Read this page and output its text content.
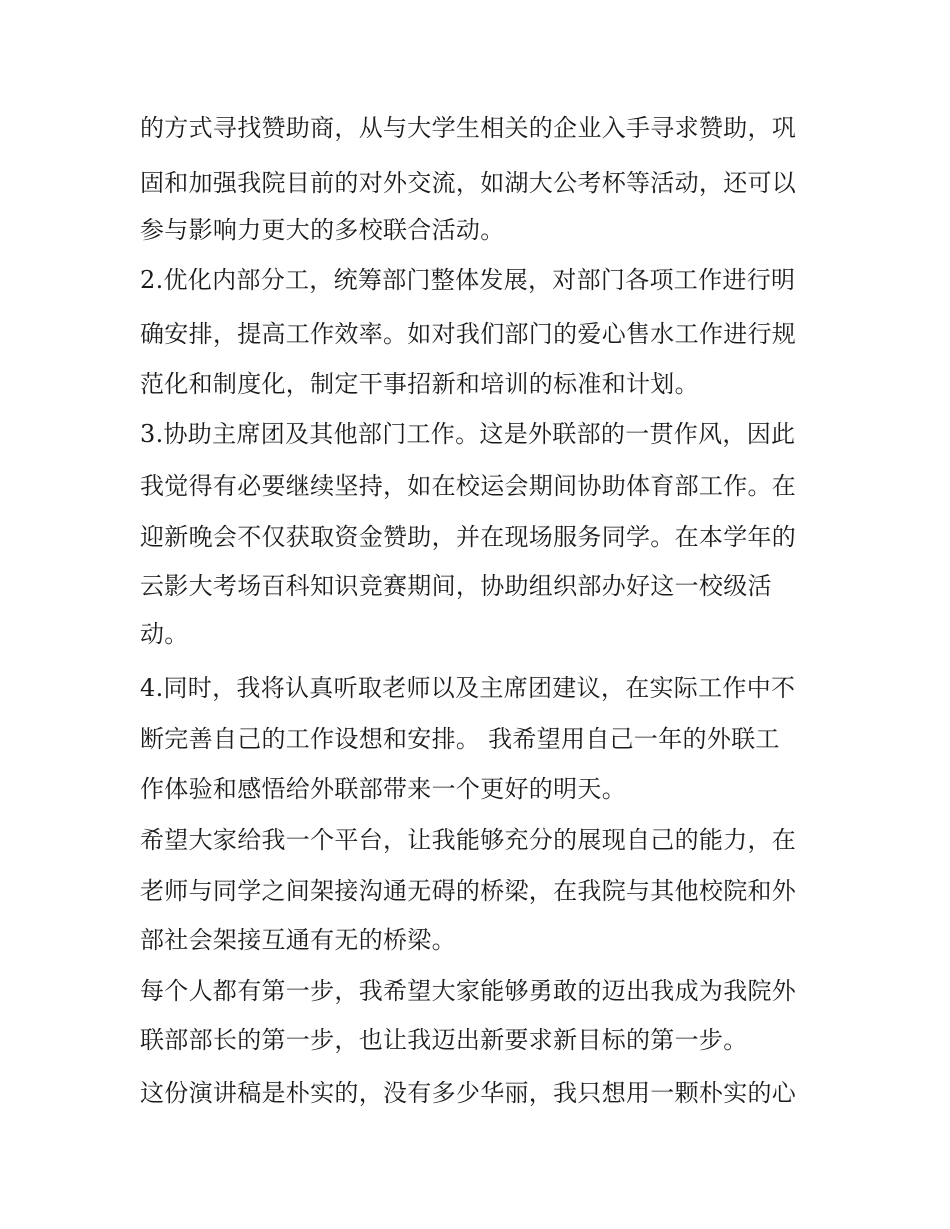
的方式寻找赞助商，从与大学生相关的企业入手寻求赞助，巩
固和加强我院目前的对外交流，如湖大公考杯等活动，还可以
参与影响力更大的多校联合活动。
2.优化内部分工，统筹部门整体发展，对部门各项工作进行明
确安排，提高工作效率。如对我们部门的爱心售水工作进行规
范化和制度化，制定干事招新和培训的标准和计划。
3.协助主席团及其他部门工作。这是外联部的一贯作风，因此
我觉得有必要继续坚持，如在校运会期间协助体育部工作。在
迎新晚会不仅获取资金赞助，并在现场服务同学。在本学年的
云影大考场百科知识竞赛期间，协助组织部办好这一校级活
动。
4.同时，我将认真听取老师以及主席团建议，在实际工作中不
断完善自己的工作设想和安排。 我希望用自己一年的外联工
作体验和感悟给外联部带来一个更好的明天。
希望大家给我一个平台，让我能够充分的展现自己的能力，在
老师与同学之间架接沟通无碍的桥梁，在我院与其他校院和外
部社会架接互通有无的桥梁。
每个人都有第一步，我希望大家能够勇敢的迈出我成为我院外
联部部长的第一步，也让我迈出新要求新目标的第一步。
这份演讲稿是朴实的，没有多少华丽，我只想用一颗朴实的心
